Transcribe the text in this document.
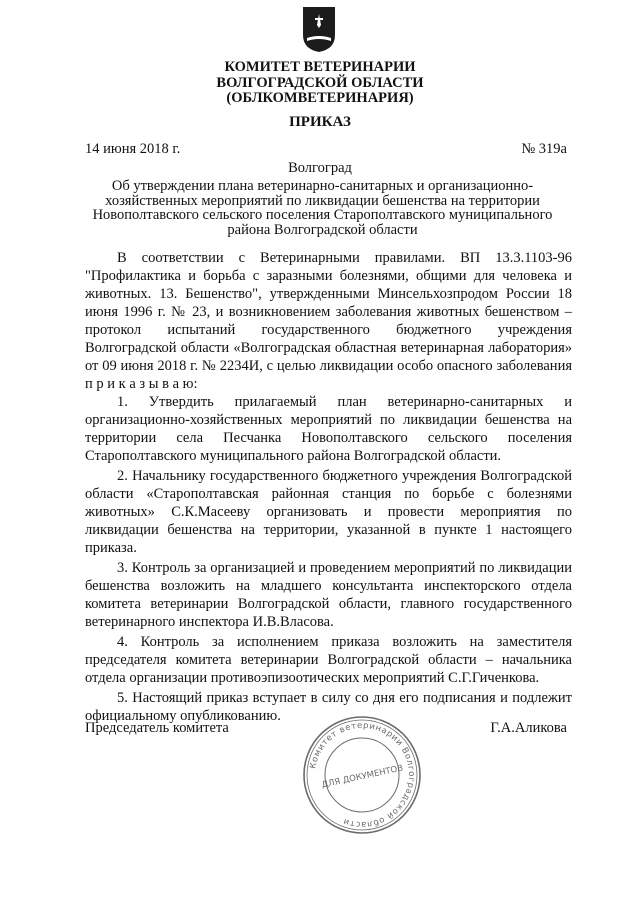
КОМИТЕТ ВЕТЕРИНАРИИ
ВОЛГОГРАДСКОЙ ОБЛАСТИ
(ОБЛКОМВЕТЕРИНАРИЯ)
ПРИКАЗ
14 июня 2018 г.	№ 319а
Волгоград
Об утверждении плана ветеринарно-санитарных и организационно-
хозяйственных мероприятий по ликвидации бешенства на территории
Новополтавского сельского поселения Старополтавского муниципального
района Волгоградской области

В соответствии с Ветеринарными правилами. ВП 13.3.1103-96 "Профилактика и борьба с заразными болезнями, общими для человека и животных. 13. Бешенство", утвержденными Минсельхозпродом России 18 июня 1996 г. № 23, и возникновением заболевания животных бешенством – протокол испытаний государственного бюджетного учреждения Волгоградской области «Волгоградская областная ветеринарная лаборатория» от 09 июня 2018 г. № 2234И, с целью ликвидации особо опасного заболевания п р и к а з ы в а ю:

1. Утвердить прилагаемый план ветеринарно-санитарных и организационно-хозяйственных мероприятий по ликвидации бешенства на территории села Песчанка Новополтавского сельского поселения Старополтавского муниципального района Волгоградской области.

2. Начальнику государственного бюджетного учреждения Волгоградской области «Старополтавская районная станция по борьбе с болезнями животных» С.К.Масееву организовать и провести мероприятия по ликвидации бешенства на территории, указанной в пункте 1 настоящего приказа.

3. Контроль за организацией и проведением мероприятий по ликвидации бешенства возложить на младшего консультанта инспекторского отдела комитета ветеринарии Волгоградской области, главного государственного ветеринарного инспектора И.В.Власова.

4. Контроль за исполнением приказа возложить на заместителя председателя комитета ветеринарии Волгоградской области – начальника отдела организации противоэпизоотических мероприятий С.Г.Гиченкова.

5. Настоящий приказ вступает в силу со дня его подписания и подлежит официальному опубликованию.

Председатель комитета	Г.А.Аликова
Комитет ветеринарии Волгоградской области
ДЛЯ ДОКУМЕНТОВ
